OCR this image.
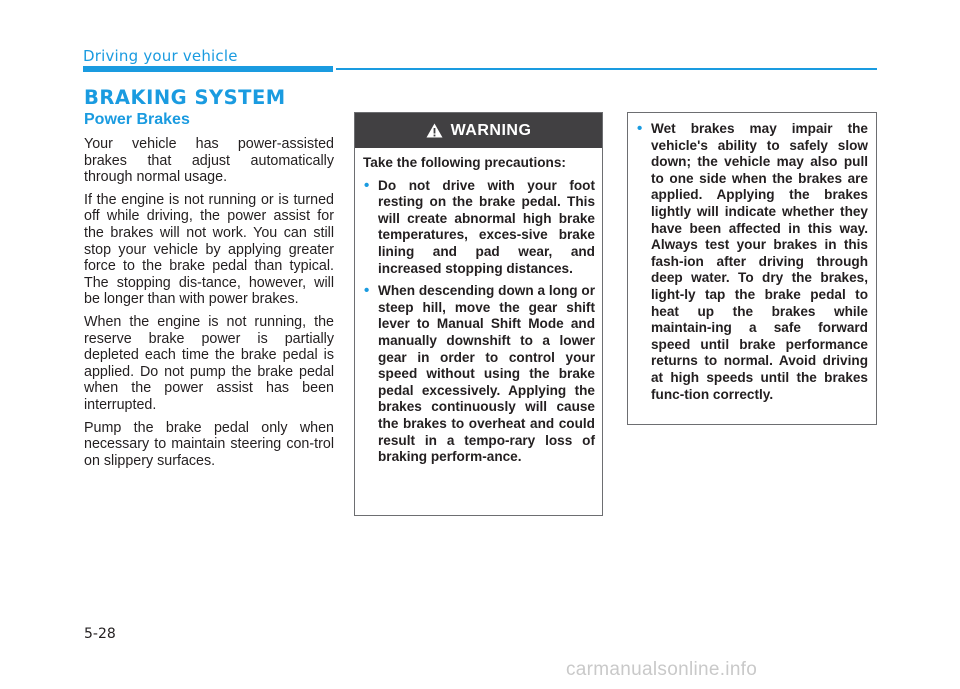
Driving your vehicle
BRAKING SYSTEM
Power Brakes

Your vehicle has power-assisted brakes that adjust automatically through normal usage.

If the engine is not running or is turned off while driving, the power assist for the brakes will not work. You can still stop your vehicle by applying greater force to the brake pedal than typical. The stopping dis-tance, however, will be longer than with power brakes.

When the engine is not running, the reserve brake power is partially depleted each time the brake pedal is applied. Do not pump the brake pedal when the power assist has been interrupted.

Pump the brake pedal only when necessary to maintain steering con-trol on slippery surfaces.

WARNING

Take the following precautions:

• Do not drive with your foot resting on the brake pedal. This will create abnormal high brake temperatures, exces-sive brake lining and pad wear, and increased stopping distances.
• When descending down a long or steep hill, move the gear shift lever to Manual Shift Mode and manually downshift to a lower gear in order to control your speed without using the brake pedal excessively. Applying the brakes continuously will cause the brakes to overheat and could result in a tempo-rary loss of braking perform-ance.
• Wet brakes may impair the vehicle's ability to safely slow down; the vehicle may also pull to one side when the brakes are applied. Applying the brakes lightly will indicate whether they have been affected in this way. Always test your brakes in this fash-ion after driving through deep water. To dry the brakes, light-ly tap the brake pedal to heat up the brakes while maintain-ing a safe forward speed until brake performance returns to normal. Avoid driving at high speeds until the brakes func-tion correctly.
5-28
carmanualsonline.info
